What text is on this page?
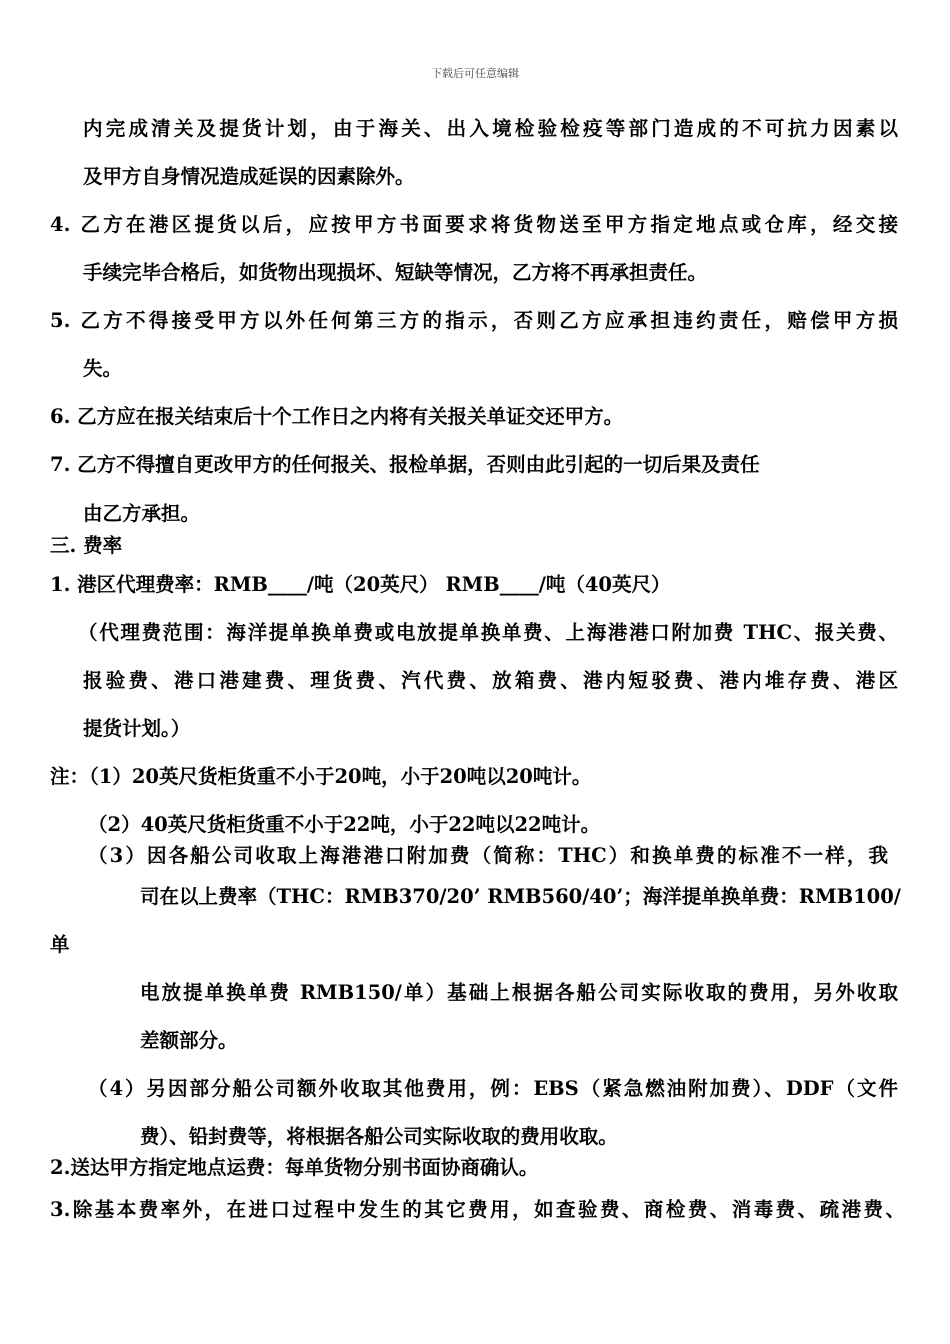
下载后可任意编辑
内完成清关及提货计划，由于海关、出入境检验检疫等部门造成的不可抗力因素以
及甲方自身情况造成延误的因素除外。
4. 乙方在港区提货以后，应按甲方书面要求将货物送至甲方指定地点或仓库，经交接
手续完毕合格后，如货物出现损坏、短缺等情况，乙方将不再承担责任。
5. 乙方不得接受甲方以外任何第三方的指示，否则乙方应承担违约责任，赔偿甲方损
失。
6. 乙方应在报关结束后十个工作日之内将有关报关单证交还甲方。
7. 乙方不得擅自更改甲方的任何报关、报检单据，否则由此引起的一切后果及责任
由乙方承担。
三. 费率
1. 港区代理费率：RMB____/吨（20英尺） RMB____/吨（40英尺）
（代理费范围：海洋提单换单费或电放提单换单费、上海港港口附加费 THC、报关费、
报验费、港口港建费、理货费、汽代费、放箱费、港内短驳费、港内堆存费、港区
提货计划。）
注：（1）20英尺货柜货重不小于20吨，小于20吨以20吨计。
（2）40英尺货柜货重不小于22吨，小于22吨以22吨计。
（3）因各船公司收取上海港港口附加费（简称：THC）和换单费的标准不一样，我
司在以上费率（THC：RMB370/20’ RMB560/40’；海洋提单换单费：RMB100/
单
电放提单换单费 RMB150/单）基础上根据各船公司实际收取的费用，另外收取
差额部分。
（4）另因部分船公司额外收取其他费用，例：EBS（紧急燃油附加费）、DDF（文件
费）、铅封费等，将根据各船公司实际收取的费用收取。
2.送达甲方指定地点运费：每单货物分别书面协商确认。
3.除基本费率外，在进口过程中发生的其它费用，如查验费、商检费、消毒费、疏港费、
